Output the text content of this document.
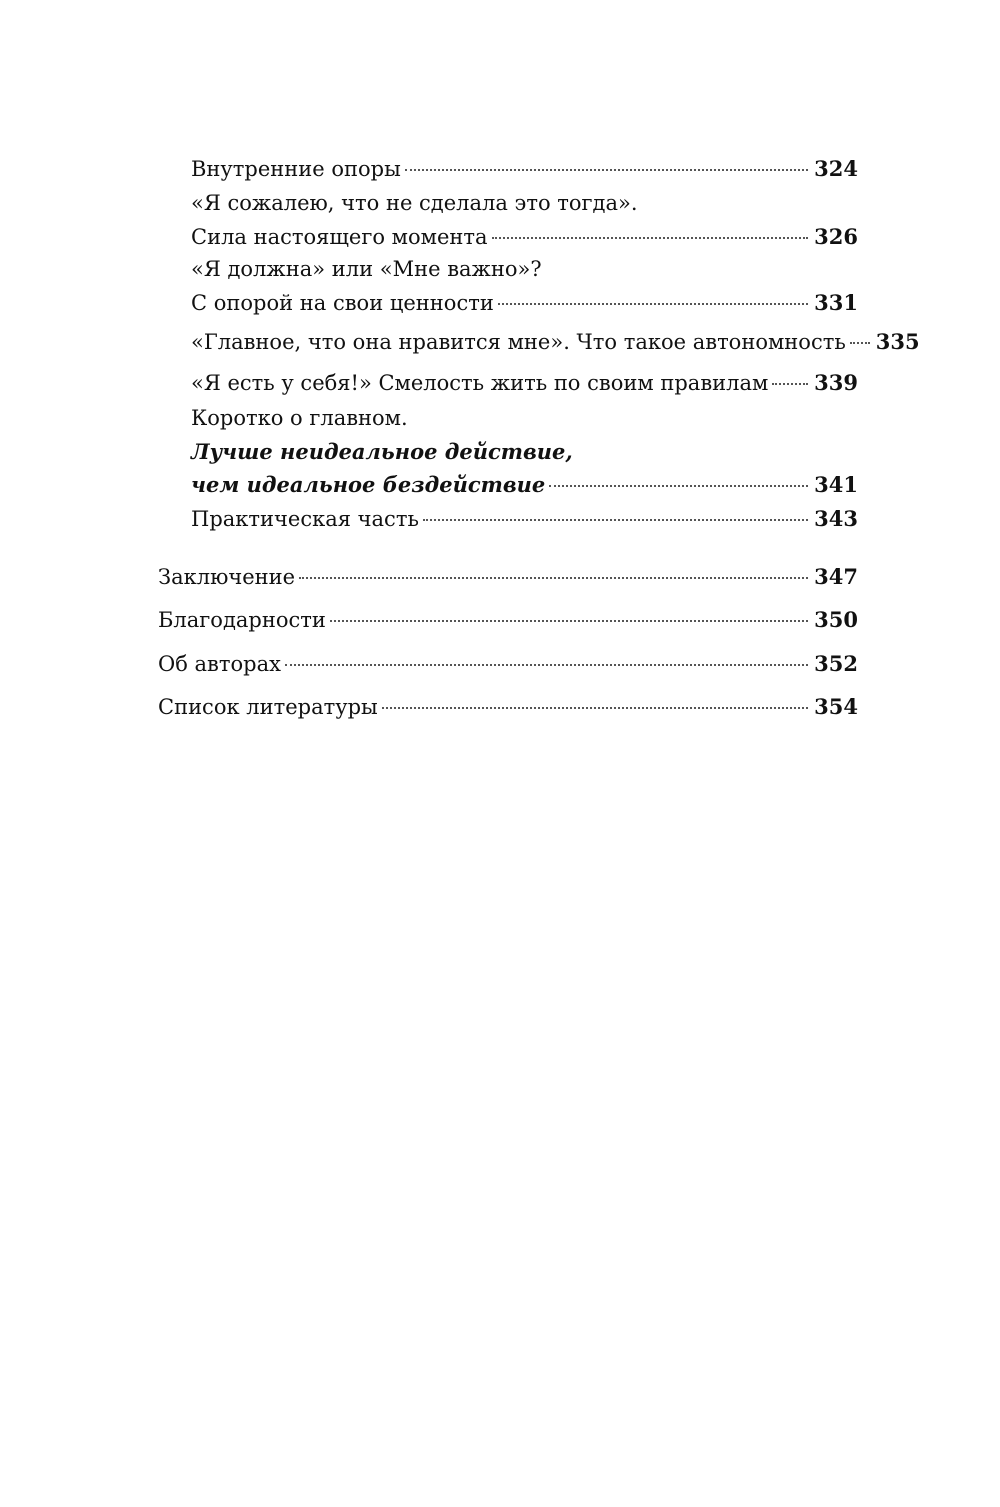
Внутренние опоры	324
«Я сожалею, что не сделала это тогда».
Сила настоящего момента	326
«Я должна» или «Мне важно»?
С опорой на свои ценности	331
«Главное, что она нравится мне». Что такое автономность 335
«Я есть у себя!» Смелость жить по своим правилам 339
Коротко о главном.
Лучше неидеальное действие,
чем идеальное бездействие	341
Практическая часть	343
Заключение	347
Благодарности	350
Об авторах	352
Список литературы	354
